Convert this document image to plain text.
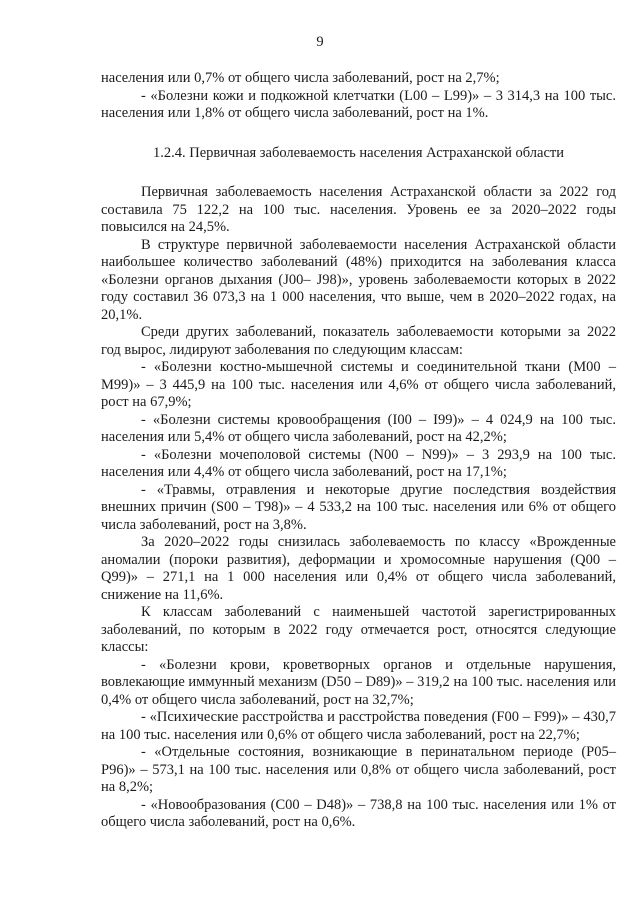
9

населения или 0,7% от общего числа заболеваний, рост на 2,7%;

- «Болезни кожи и подкожной клетчатки (L00 – L99)» – 3 314,3 на 100 тыс. населения или 1,8% от общего числа заболеваний, рост на 1%.

1.2.4. Первичная заболеваемость населения Астраханской области

Первичная заболеваемость населения Астраханской области за 2022 год составила 75 122,2 на 100 тыс. населения. Уровень ее за 2020–2022 годы повысился на 24,5%.

В структуре первичной заболеваемости населения Астраханской области наибольшее количество заболеваний (48%) приходится на заболевания класса «Болезни органов дыхания (J00– J98)», уровень заболеваемости которых в 2022 году составил 36 073,3 на 1 000 населения, что выше, чем в 2020–2022 годах, на 20,1%.

Среди других заболеваний, показатель заболеваемости которыми за 2022 год вырос, лидируют заболевания по следующим классам:

- «Болезни костно-мышечной системы и соединительной ткани (M00 – M99)» – 3 445,9 на 100 тыс. населения или 4,6% от общего числа заболеваний, рост на 67,9%;

- «Болезни системы кровообращения (I00 – I99)» – 4 024,9 на 100 тыс. населения или 5,4% от общего числа заболеваний, рост на 42,2%;

- «Болезни мочеполовой системы (N00 – N99)» – 3 293,9 на 100 тыс. населения или 4,4% от общего числа заболеваний, рост на 17,1%;

- «Травмы, отравления и некоторые другие последствия воздействия внешних причин (S00 – T98)» – 4 533,2 на 100 тыс. населения или 6% от общего числа заболеваний, рост на 3,8%.

За 2020–2022 годы снизилась заболеваемость по классу «Врожденные аномалии (пороки развития), деформации и хромосомные нарушения (Q00 – Q99)» – 271,1 на 1 000 населения или 0,4% от общего числа заболеваний, снижение на 11,6%.

К классам заболеваний с наименьшей частотой зарегистрированных заболеваний, по которым в 2022 году отмечается рост, относятся следующие классы:

- «Болезни крови, кроветворных органов и отдельные нарушения, вовлекающие иммунный механизм (D50 – D89)» – 319,2 на 100 тыс. населения или 0,4% от общего числа заболеваний, рост на 32,7%;

- «Психические расстройства и расстройства поведения (F00 – F99)» – 430,7 на 100 тыс. населения или 0,6% от общего числа заболеваний, рост на 22,7%;

- «Отдельные состояния, возникающие в перинатальном периоде (P05– P96)» – 573,1 на 100 тыс. населения или 0,8% от общего числа заболеваний, рост на 8,2%;

- «Новообразования (C00 – D48)» – 738,8 на 100 тыс. населения или 1% от общего числа заболеваний, рост на 0,6%.
